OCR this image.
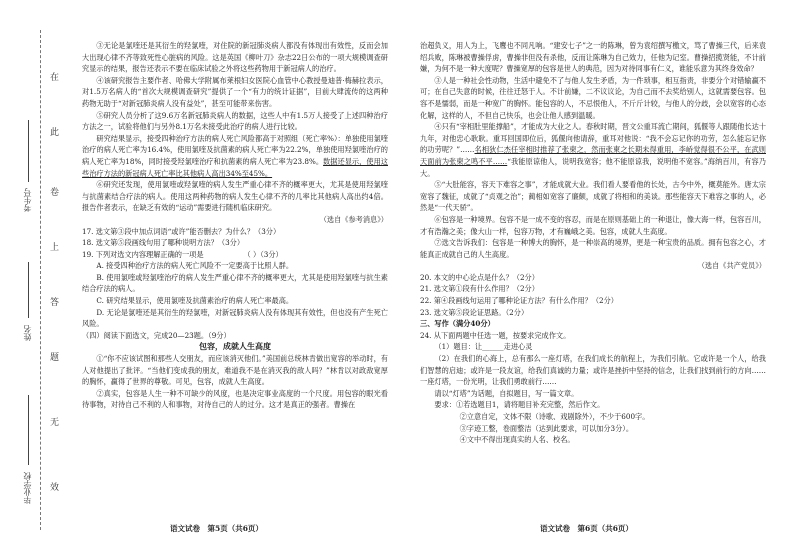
在
此
卷
上
答
题
无
效
考生号
姓名
毕业学校

③无论是氯喹还是其衍生的羟氯喹，对住院的新冠肺炎病人都没有体现出有效性，反而会加大出现心律不齐等致死性心脏病的风险。这是英国《柳叶刀》杂志22日公布的一项大规模调查研究显示的结果，报告还表示不要在临床试验之外将这些药物用于新冠病人的治疗。

④该研究报告主要作者、哈佛大学附属布莱根妇女医院心血管中心教授曼迪普·梅赫拉表示，对1.5万名病人的“首次大规模调查研究”提供了一个“有力的统计证据”，目前大肆流传的这两种药物无助于“对新冠肺炎病人没有益处”，甚至可能带来伤害。

⑤研究人员分析了这9.6万名新冠肺炎病人的数据，这些人中有1.5万人接受了上述四种治疗方法之一，试验将他们与另外8.1万名未接受此治疗的病人进行比较。

研究结果显示，接受四种治疗方法的病人死亡风险都高于对照组（死亡率%）：单独使用氯喹治疗的病人死亡率为16.4%，使用氯喹及抗菌素的病人死亡率为22.2%，单独使用羟氯喹治疗的病人死亡率为18%，同时接受羟氯喹治疗和抗菌素的病人死亡率为23.8%。数据还显示，使用这些治疗方法的新冠病人死亡率比其他病人高出34%至45%。

⑥研究还发现，使用氯喹或羟氯喹的病人发生严重心律不齐的概率更大，尤其是使用羟氯喹与抗菌素结合疗法的病人。使用这两种药物的病人发生心律不齐的几率比其他病人高出约4倍。报告作者表示，在缺乏有效的“运动”需要进行随机临床研究。

（选自《参考消息》）

17. 选文第③段中加点词语“或许”能否删去？为什么？（3分）

18. 选文第⑤段画线句用了哪种说明方法？（3分）

19. 下列对选文内容理解正确的一项是	（ ）（3分）

A. 接受四种治疗方法的病人死亡风险不一定要高于比照人群。

B. 使用氯喹或羟氯喹治疗的病人发生严重心律不齐的概率更大，尤其是使用羟氯喹与抗生素结合疗法的病人。

C. 研究结果显示，使用氯喹及抗菌素治疗的病人死亡率最高。

D. 无论是氯喹还是其衍生的羟氯喹，对新冠肺炎病人没有体现其有效性，但也没有产生死亡风险。

（四）阅读下面选文，完成20—23题。（9分）

包容，成就人生高度

①“你不应该试图和那些人交朋友，而应该消灭他们。”美国前总统林肯做出宽容的举动时，有人对他提出了批评。“当他们变成我的朋友，难道我不是在消灭我的敌人吗？”林肯以对政敌宽厚的胸怀，赢得了世界的尊敬。可见，包容，成就人生高度。

②真实，包容是人生一种不可缺少的风度，也是决定事业高度的一个尺度。用包容的眼光看待事物，对待自己不利的人和事物，对待自己的人的过分。这才是真正的强者。曹操在

治超负义，用人为上，飞鹰也不同凡响。“建安七子”之一的陈琳，曾为袁绍撰写檄文，骂了曹操三代，后来袁绍兵败，陈琳被曹操俘虏，曹操非但没有杀他，反而让陈琳为自己效力，任他为记室。曹操招揽贤能，不计前嫌，为何不是一种大度呢？曹操宽厚的包容是世人的典范，因为对待同事有仁义，谁能乐意为其终身效命？

③人是一种社会性动物，生活中避免不了与他人发生矛盾，为一件琐事，相互指责，非要分个对错输赢不可；在自己失意的时候，往往迁怒于人。不计前嫌，二不议议论，为自己而不去奖给别人，这就需要包容。包容不是懦弱，而是一种宽广的胸怀。能包容的人，不忌恨他人，不斤斤计较，与他人的分歧，会以宽容的心态化解，这样的人，不但自己快乐，也会让他人感到温暖。

④只有“宰相肚里能撑船”，才能成为大业之人。春秋时期，晋文公重耳流亡期间，狐偃等人跟随他长达十九年，对他忠心耿耿。重耳回国即位后，狐偃向他请辞，重耳对他说：“我不会忘记你的功劳，怎么能忘记你的功劳呢？”……名相狄仁杰任宰相时推荐了张柬之，然而张柬之长期未得重用，李峤觉得很不公平，在武则天面前为张柬之鸣不平……“我能原谅他人，说明我宽容；他不能原谅我，说明他不宽容。”海纳百川，有容乃大。

⑤“大肚能容，容天下难容之事”，才能成就大业。我们看人要看他的长处，古今中外，概莫能外。唐太宗宽容了魏征，成就了“贞观之治”；蔺相如宽容了廉颇，成就了将相和的美谈。那些能容天下难容之事的人，必然是“一代天骄”。

⑥包容是一种境界。包容不是一成不变的容忍，而是在原则基础上的一种退让，像大海一样，包容百川，才有浩瀚之美；像大山一样，包容万物，才有巍峨之美。包容，成就人生高度。

⑦选文告诉我们：包容是一种博大的胸怀，是一种崇高的境界，更是一种宝贵的品质。拥有包容之心，才能真正成就自己的人生高度。

（选自《共产党员》）

20. 本文的中心论点是什么？（2分）

21. 选文第①段有什么作用？（2分）

22. 第④段画线句运用了哪种论证方法？有什么作用？（2分）

23. 选文第⑤段论证思路。（2分）

三、写作（满分40分）

24. 从下面两题中任选一题，按要求完成作文。

（1）题目：让______走进心灵

（2）在我们的心海上，总有那么一座灯塔，在我们成长的航程上，为我们引航。它或许是一个人，给我们智慧的启迪；或许是一段友谊，给我们真诚的力量；或许是挫折中坚持的信念，让我们找到前行的方向……一座灯塔，一份光明，让我们勇敢前行……

请以“灯塔”为话题，自拟题目，写一篇文章。

要求：①若选题目1，请将题目补充完整，然后作文。

②立意自定，文体不限（诗歌、戏剧除外），不少于600字。

③字迹工整，卷面整洁（达到此要求，可以加分3分）。

④文中不得出现真实的人名、校名。

语文试卷　第5页（共6页）	语文试卷　第6页（共6页）
